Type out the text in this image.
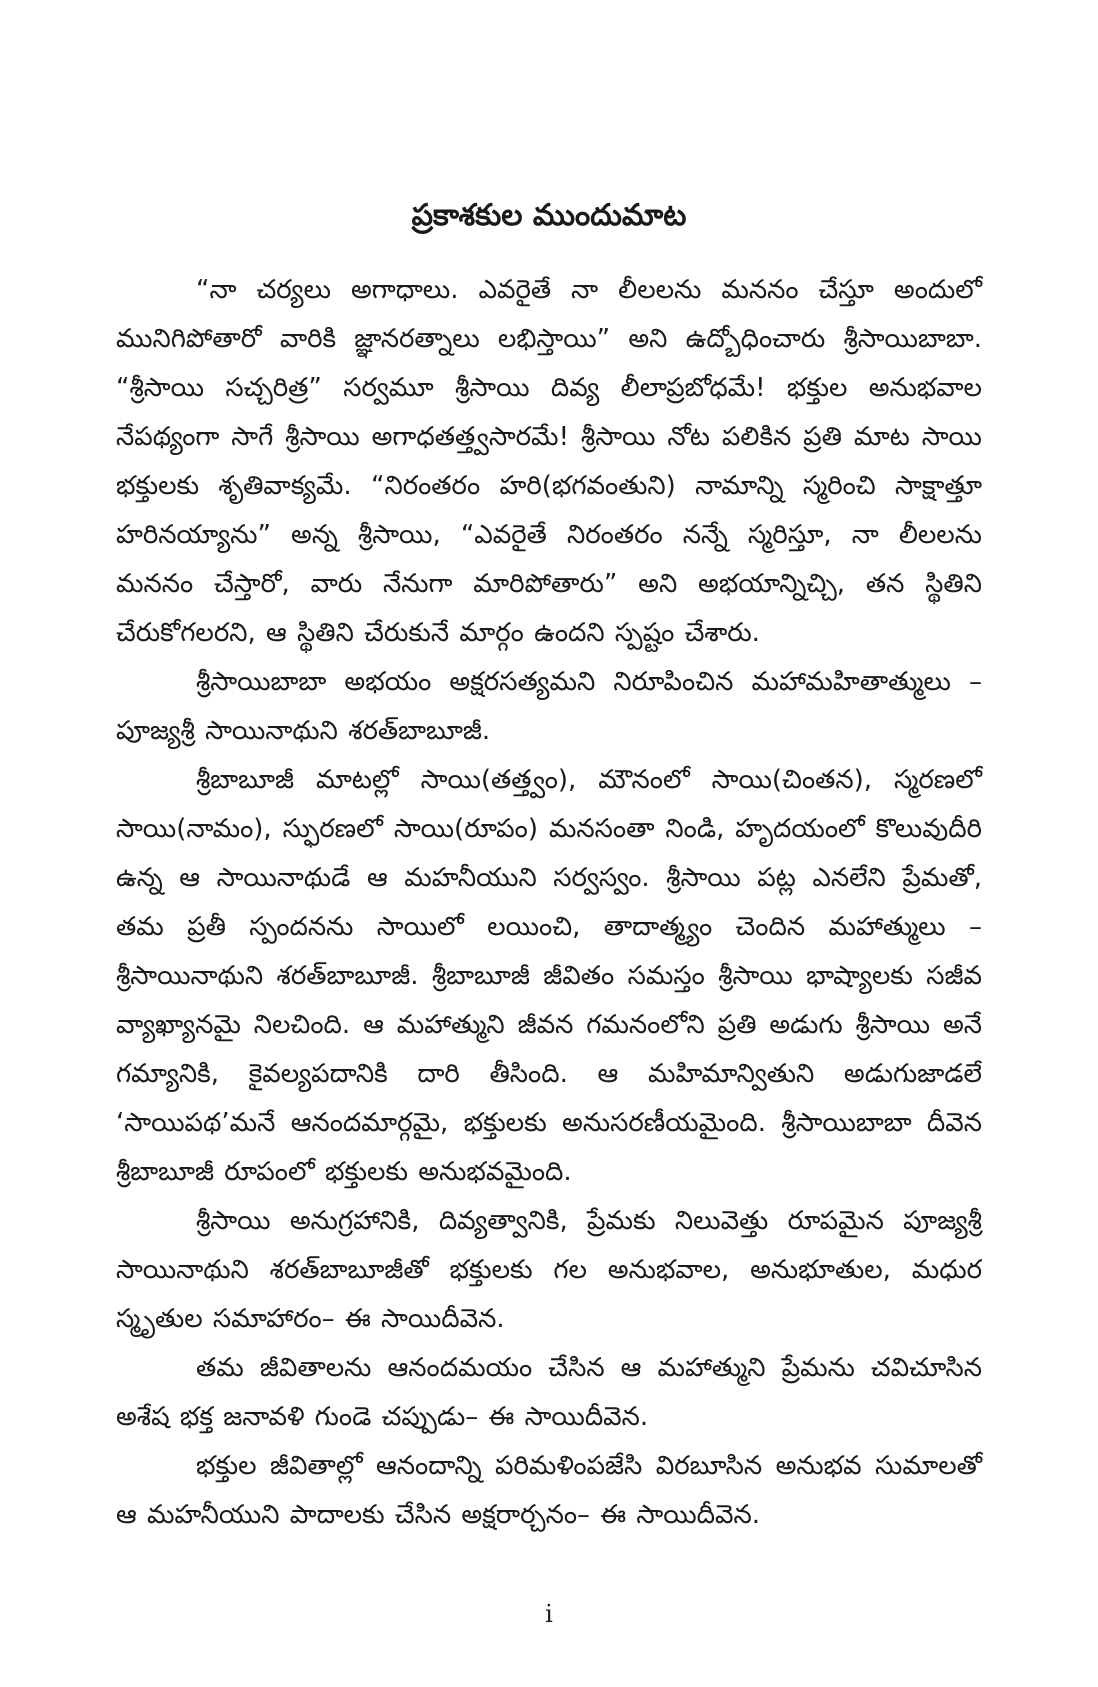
ప్రకాశకుల ముందుమాట

“నా చర్యలు అగాధాలు. ఎవరైతే నా లీలలను మననం చేస్తూ అందులో మునిగిపోతారో వారికి జ్ఞానరత్నాలు లభిస్తాయి” అని ఉద్బోధించారు శ్రీసాయిబాబా. “శ్రీసాయి సచ్చరిత్ర” సర్వమూ శ్రీసాయి దివ్య లీలాప్రబోధమే! భక్తుల అనుభవాల నేపథ్యంగా సాగే శ్రీసాయి అగాధతత్త్వసారమే! శ్రీసాయి నోట పలికిన ప్రతి మాట సాయి భక్తులకు శృతివాక్యమే. “నిరంతరం హరి(భగవంతుని) నామాన్ని స్మరించి సాక్షాత్తూ హరినయ్యాను” అన్న శ్రీసాయి, “ఎవరైతే నిరంతరం నన్నే స్మరిస్తూ, నా లీలలను మననం చేస్తారో, వారు నేనుగా మారిపోతారు” అని అభయాన్నిచ్చి, తన స్థితిని చేరుకోగలరని, ఆ స్థితిని చేరుకునే మార్గం ఉందని స్పష్టం చేశారు.

శ్రీసాయిబాబా అభయం అక్షరసత్యమని నిరూపించిన మహామహితాత్ములు – పూజ్యశ్రీ సాయినాథుని శరత్‌బాబూజీ.

శ్రీబాబూజీ మాటల్లో సాయి(తత్త్వం), మౌనంలో సాయి(చింతన), స్మరణలో సాయి(నామం), స్ఫురణలో సాయి(రూపం) మనసంతా నిండి, హృదయంలో కొలువుదీరి ఉన్న ఆ సాయినాథుడే ఆ మహనీయుని సర్వస్వం. శ్రీసాయి పట్ల ఎనలేని ప్రేమతో, తమ ప్రతీ స్పందనను సాయిలో లయించి, తాదాత్మ్యం చెందిన మహాత్ములు – శ్రీసాయినాథుని శరత్‌బాబూజీ. శ్రీబాబూజీ జీవితం సమస్తం శ్రీసాయి భాష్యాలకు సజీవ వ్యాఖ్యానమై నిలచింది. ఆ మహాత్ముని జీవన గమనంలోని ప్రతి అడుగు శ్రీసాయి అనే గమ్యానికి, కైవల్యపదానికి దారి తీసింది. ఆ మహిమాన్వితుని అడుగుజాడలే ‘సాయిపథ’మనే ఆనందమార్గమై, భక్తులకు అనుసరణీయమైంది. శ్రీసాయిబాబా దీవెన శ్రీబాబూజీ రూపంలో భక్తులకు అనుభవమైంది.

శ్రీసాయి అనుగ్రహానికి, దివ్యత్వానికి, ప్రేమకు నిలువెత్తు రూపమైన పూజ్యశ్రీ సాయినాథుని శరత్‌బాబూజీతో భక్తులకు గల అనుభవాల, అనుభూతుల, మధుర స్మృతుల సమాహారం– ఈ సాయిదీవెన.

తమ జీవితాలను ఆనందమయం చేసిన ఆ మహాత్ముని ప్రేమను చవిచూసిన అశేష భక్త జనావళి గుండె చప్పుడు– ఈ సాయిదీవెన.

భక్తుల జీవితాల్లో ఆనందాన్ని పరిమళింపజేసి విరబూసిన అనుభవ సుమాలతో ఆ మహనీయుని పాదాలకు చేసిన అక్షరార్చనం– ఈ సాయిదీవెన.

i
